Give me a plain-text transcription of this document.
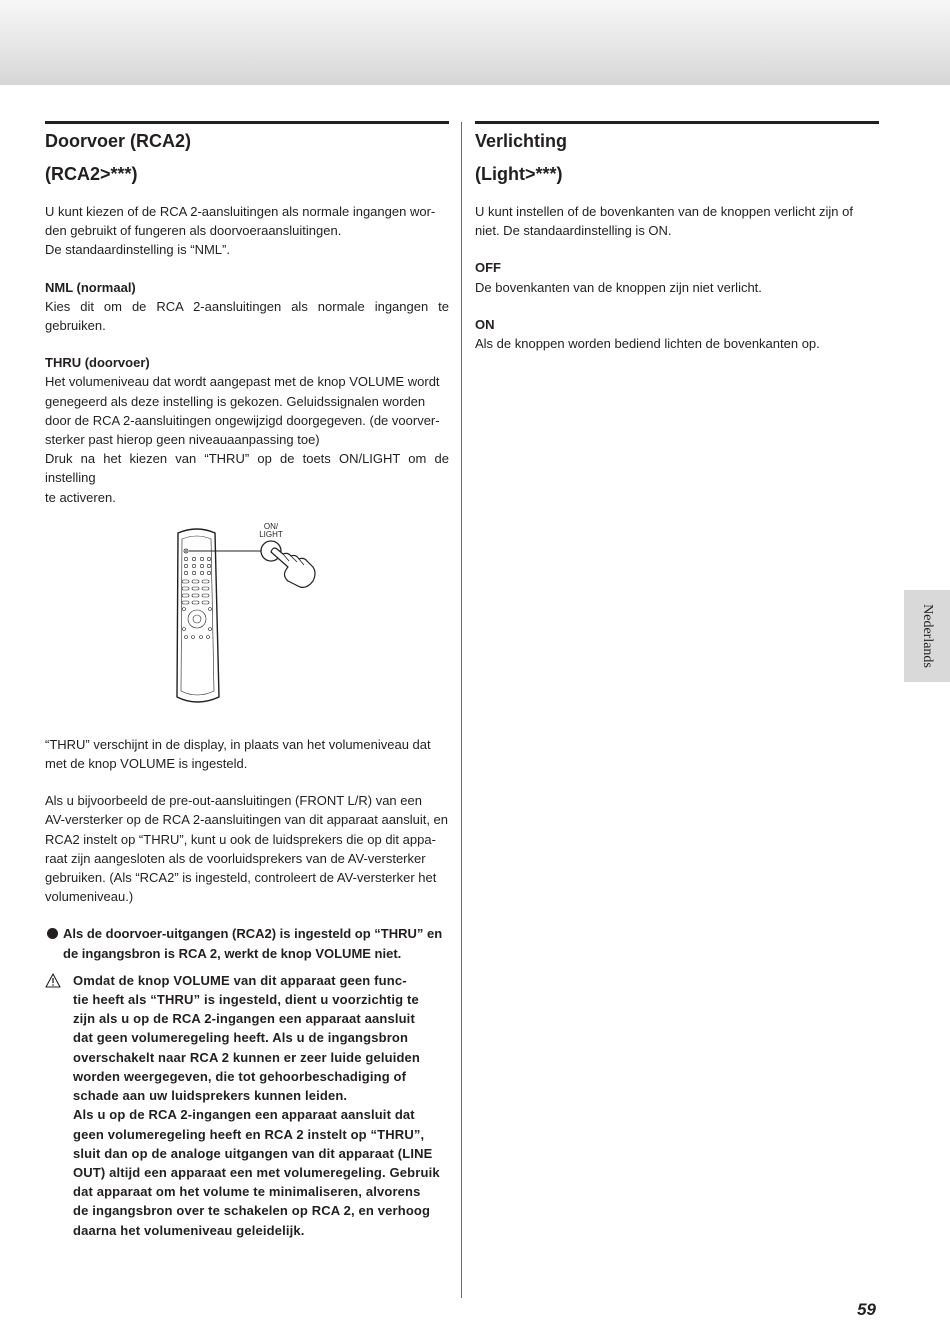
Doorvoer (RCA2)
(RCA2>***)

U kunt kiezen of de RCA 2-aansluitingen als normale ingangen wor-

den gebruikt of fungeren als doorvoeraansluitingen.

De standaardinstelling is “NML”.

NML (normaal)

Kies dit om de RCA 2-aansluitingen als normale ingangen te gebruiken.

THRU (doorvoer)

Het volumeniveau dat wordt aangepast met de knop VOLUME wordt

genegeerd als deze instelling is gekozen. Geluidssignalen worden

door de RCA 2-aansluitingen ongewijzigd doorgegeven. (de voorver-

sterker past hierop geen niveauaanpassing toe)

Druk na het kiezen van “THRU” op de toets ON/LIGHT om de instelling

te activeren.

ON/
LIGHT

“THRU” verschijnt in de display, in plaats van het volumeniveau dat

met de knop VOLUME is ingesteld.

Als u bijvoorbeeld de pre-out-aansluitingen (FRONT L/R) van een

AV-versterker op de RCA 2-aansluitingen van dit apparaat aansluit, en

RCA2 instelt op “THRU”, kunt u ook de luidsprekers die op dit appa-

raat zijn aangesloten als de voorluidsprekers van de AV-versterker

gebruiken. (Als “RCA2” is ingesteld, controleert de AV-versterker het

volumeniveau.)

Als de doorvoer-uitgangen (RCA2) is ingesteld op “THRU” en

de ingangsbron is RCA 2, werkt de knop VOLUME niet.

Omdat de knop VOLUME van dit apparaat geen func-

tie heeft als “THRU” is ingesteld, dient u voorzichtig te

zijn als u op de RCA 2-ingangen een apparaat aansluit

dat geen volumeregeling heeft. Als u de ingangsbron

overschakelt naar RCA 2 kunnen er zeer luide geluiden

worden weergegeven, die tot gehoorbeschadiging of

schade aan uw luidsprekers kunnen leiden.

Als u op de RCA 2-ingangen een apparaat aansluit dat

geen volumeregeling heeft en RCA 2 instelt op “THRU”,

sluit dan op de analoge uitgangen van dit apparaat (LINE

OUT) altijd een apparaat een met volumeregeling. Gebruik

dat apparaat om het volume te minimaliseren, alvorens

de ingangsbron over te schakelen op RCA 2, en verhoog

daarna het volumeniveau geleidelijk.

Verlichting
(Light>***)

U kunt instellen of de bovenkanten van de knoppen verlicht zijn of

niet. De standaardinstelling is ON.

OFF

De bovenkanten van de knoppen zijn niet verlicht.

ON

Als de knoppen worden bediend lichten de bovenkanten op.

Nederlands
59
